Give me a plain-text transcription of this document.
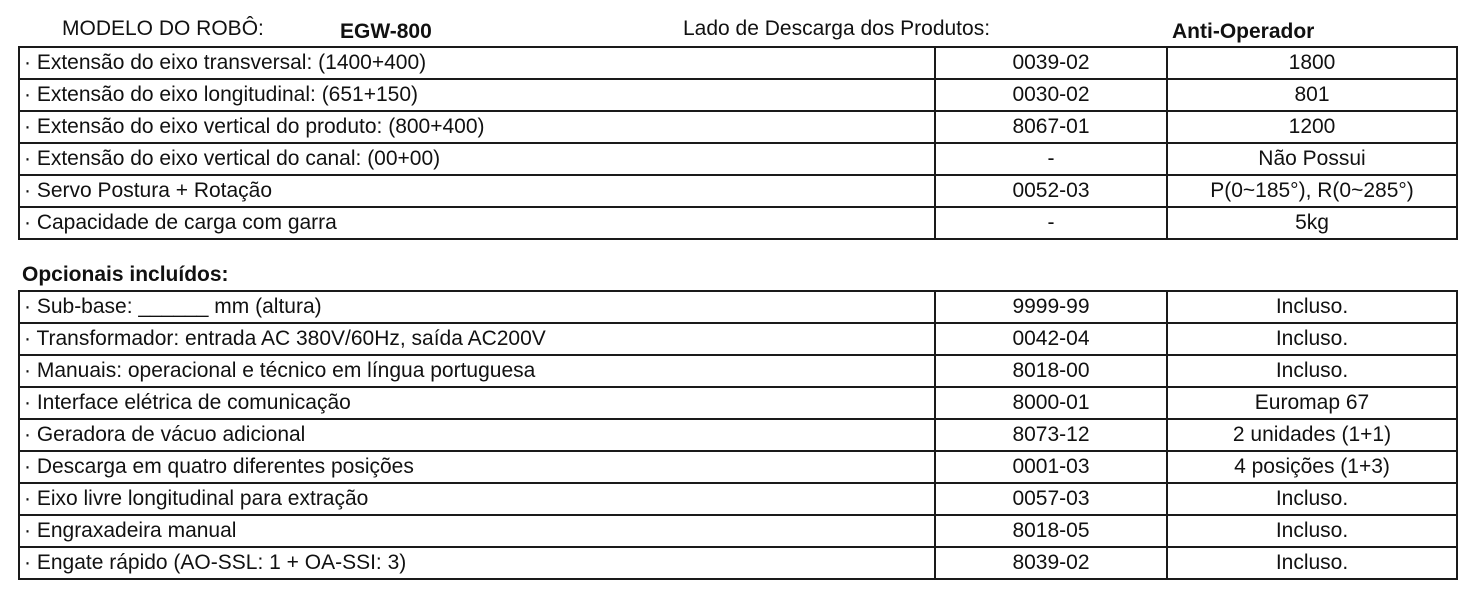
MODELO DO ROBÔ:	EGW-800	Lado de Descarga dos Produtos:	Anti-Operador
· Extensão do eixo transversal: (1400+400)	0039-02	1800
· Extensão do eixo longitudinal: (651+150)	0030-02	801
· Extensão do eixo vertical do produto: (800+400)	8067-01	1200
· Extensão do eixo vertical do canal: (00+00)	-	Não Possui
· Servo Postura + Rotação	0052-03	P(0~185°), R(0~285°)
· Capacidade de carga com garra	-	5kg
Opcionais incluídos:
· Sub-base: ______ mm (altura)	9999-99	Incluso.
· Transformador: entrada AC 380V/60Hz, saída AC200V	0042-04	Incluso.
· Manuais: operacional e técnico em língua portuguesa	8018-00	Incluso.
· Interface elétrica de comunicação	8000-01	Euromap 67
· Geradora de vácuo adicional	8073-12	2 unidades (1+1)
· Descarga em quatro diferentes posições	0001-03	4 posições (1+3)
· Eixo livre longitudinal para extração	0057-03	Incluso.
· Engraxadeira manual	8018-05	Incluso.
· Engate rápido (AO-SSL: 1 + OA-SSI: 3)	8039-02	Incluso.
